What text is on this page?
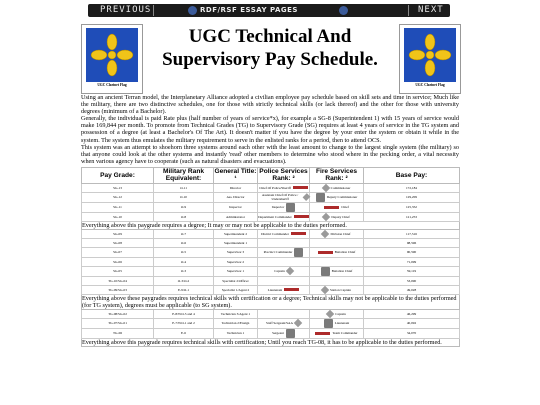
PREVIOUS	RDF/RSF ESSAY PAGES	NEXT
UGC Clarinet Flag
UGC Technical And Supervisory Pay Schedule.
UGC Clarinet Flag

Using an ancient Terran model, the Interplanetary Alliance adopted a civilian employee pay schedule based on skill sets and time in service; Much like the military, there are two distinctive schedules, one for those with strictly technical skills (or lack thereof) and the other for those with university degrees (minimum of a Bachelor).

Generally, the individual is paid Rate plus (half number of years of service*x), for example a SG-8 (Superintendent 1) with 15 years of service would make 169,844 per month. To promote from Technical Grades (TG) to Supervisory Grade (SG) requires at least 4 years of service in the TG system and possession of a degree (at least a Bachelor's Of The Art). It doesn't matter if you have the degree by your enter the system or obtain it while in the system. The system thus emulates the military requirement to serve in the enlisted ranks for a period, then to attend OCS.

This system was an attempt to shoehorn three systems around each other with the least amount to change to the largest single system (the military) so that anyone could look at the other systems and instantly 'read' other members to determine who stood where in the pecking order, a vital necessity when various agency have to cooperate (such as natural disasters and evacuations).

Pay Grade:	Military Rank Equivalent:	General Title: ¹	Police Services Rank: ²	Fire Services Rank: ²	Base Pay:
SG-13	O-11	Director	Chief Of Police/Sheriff	Commissioner	172,184
SG-12	O-10	Ass. Director	Assistant Chief Of Police / Undersheriff	Deputy Commissioner	129,209
SG-11	O-9	Inspector	Inspector	Chief	125,352
SG-10	O-8	Administrator	Department Commander	Deputy Chief	121,253
Everything above this paygrade requires a degree; It may or may not be applicable to the duties performed.					
SG-09	O-7	Superintendent 2	District Commander	Division Chief	117,516
SG-08	O-6	Superintendent 1			98,596
SG-07	O-5	Supervisor 3	Precinct Commander	Battalion Chief	90,590
SG-06	O-4	Supervisor 2			71,099
SG-05	O-3	Supervisor 1	Captain	Battalion Chief	59,119
TG-10/SG-04	O-3/O-2	Specialist 2/Officer			53,090
TG-09/SG-03	E-9/O-1	Specialist 1/Agent 2	Lieutenant	Station Captain	49,028
Everything above these paygrades requires technical skills with certification or a degree; Technical skills may not be applicable to the duties performed (for TG system), degrees must be applicable (to SG system).					
TG-08/SG-02	E-8/WO-3 and 4	Technician 3/Agent 1		Captain	46,299
TG-07/SG-01	E-7/WO-1 and 2	Technician 2/Ensign	Staff Sergeant/SAA	Lieutenant	40,092
TG-06	E-6	Technician 1	Sergeant	Team Commander	34,070
Everything above this paygrade requires technical skills with certification; Until you reach TG-08, it has to be applicable to the duties performed.					
